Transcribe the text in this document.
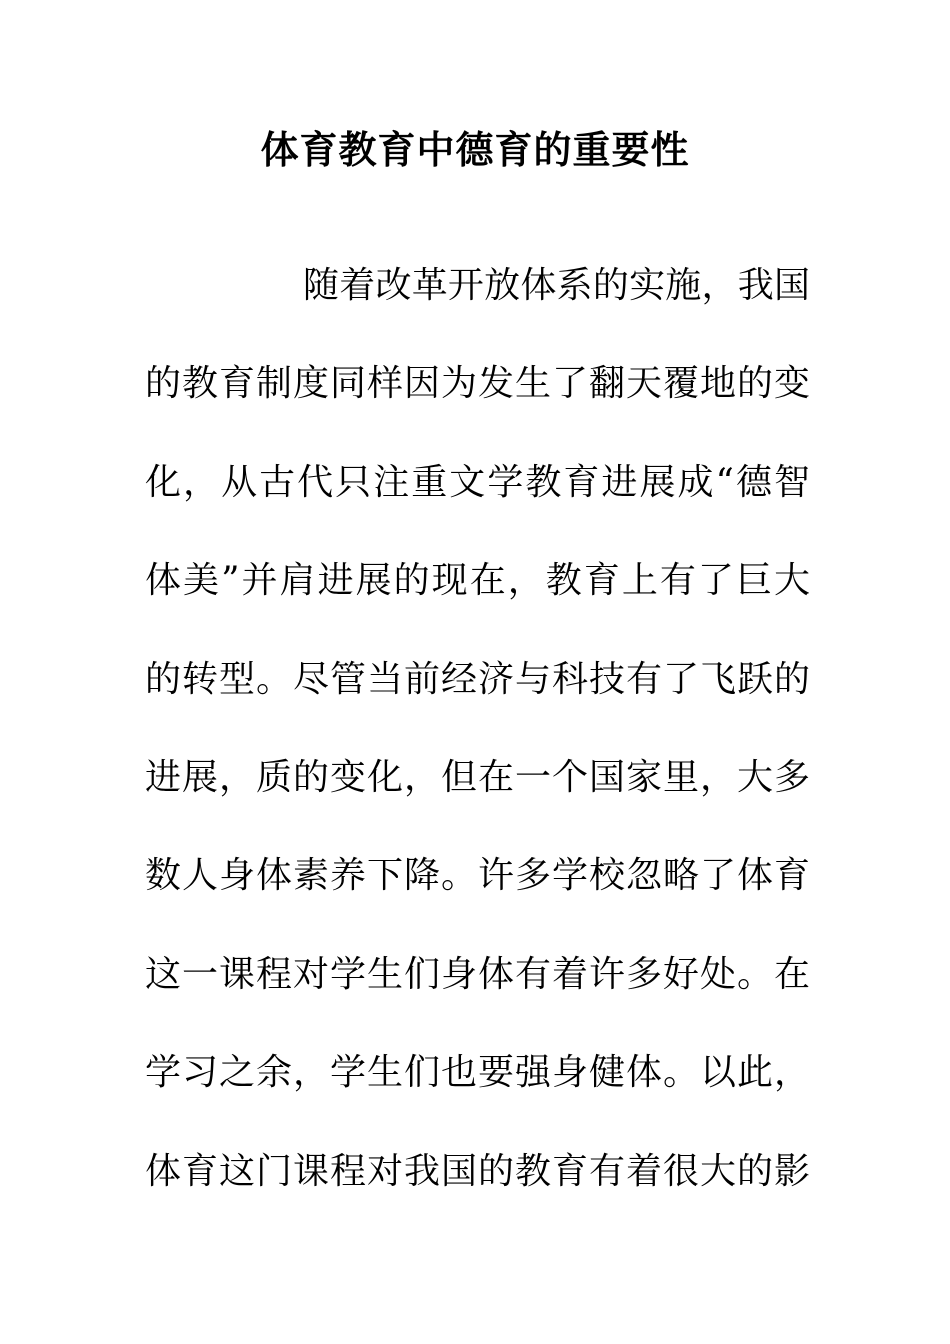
体育教育中德育的重要性
随着改革开放体系的实施，我国
的教育制度同样因为发生了翻天覆地的变
化，从古代只注重文学教育进展成“德智
体美”并肩进展的现在，教育上有了巨大
的转型。尽管当前经济与科技有了飞跃的
进展，质的变化，但在一个国家里，大多
数人身体素养下降。许多学校忽略了体育
这一课程对学生们身体有着许多好处。在
学习之余，学生们也要强身健体。以此，
体育这门课程对我国的教育有着很大的影
